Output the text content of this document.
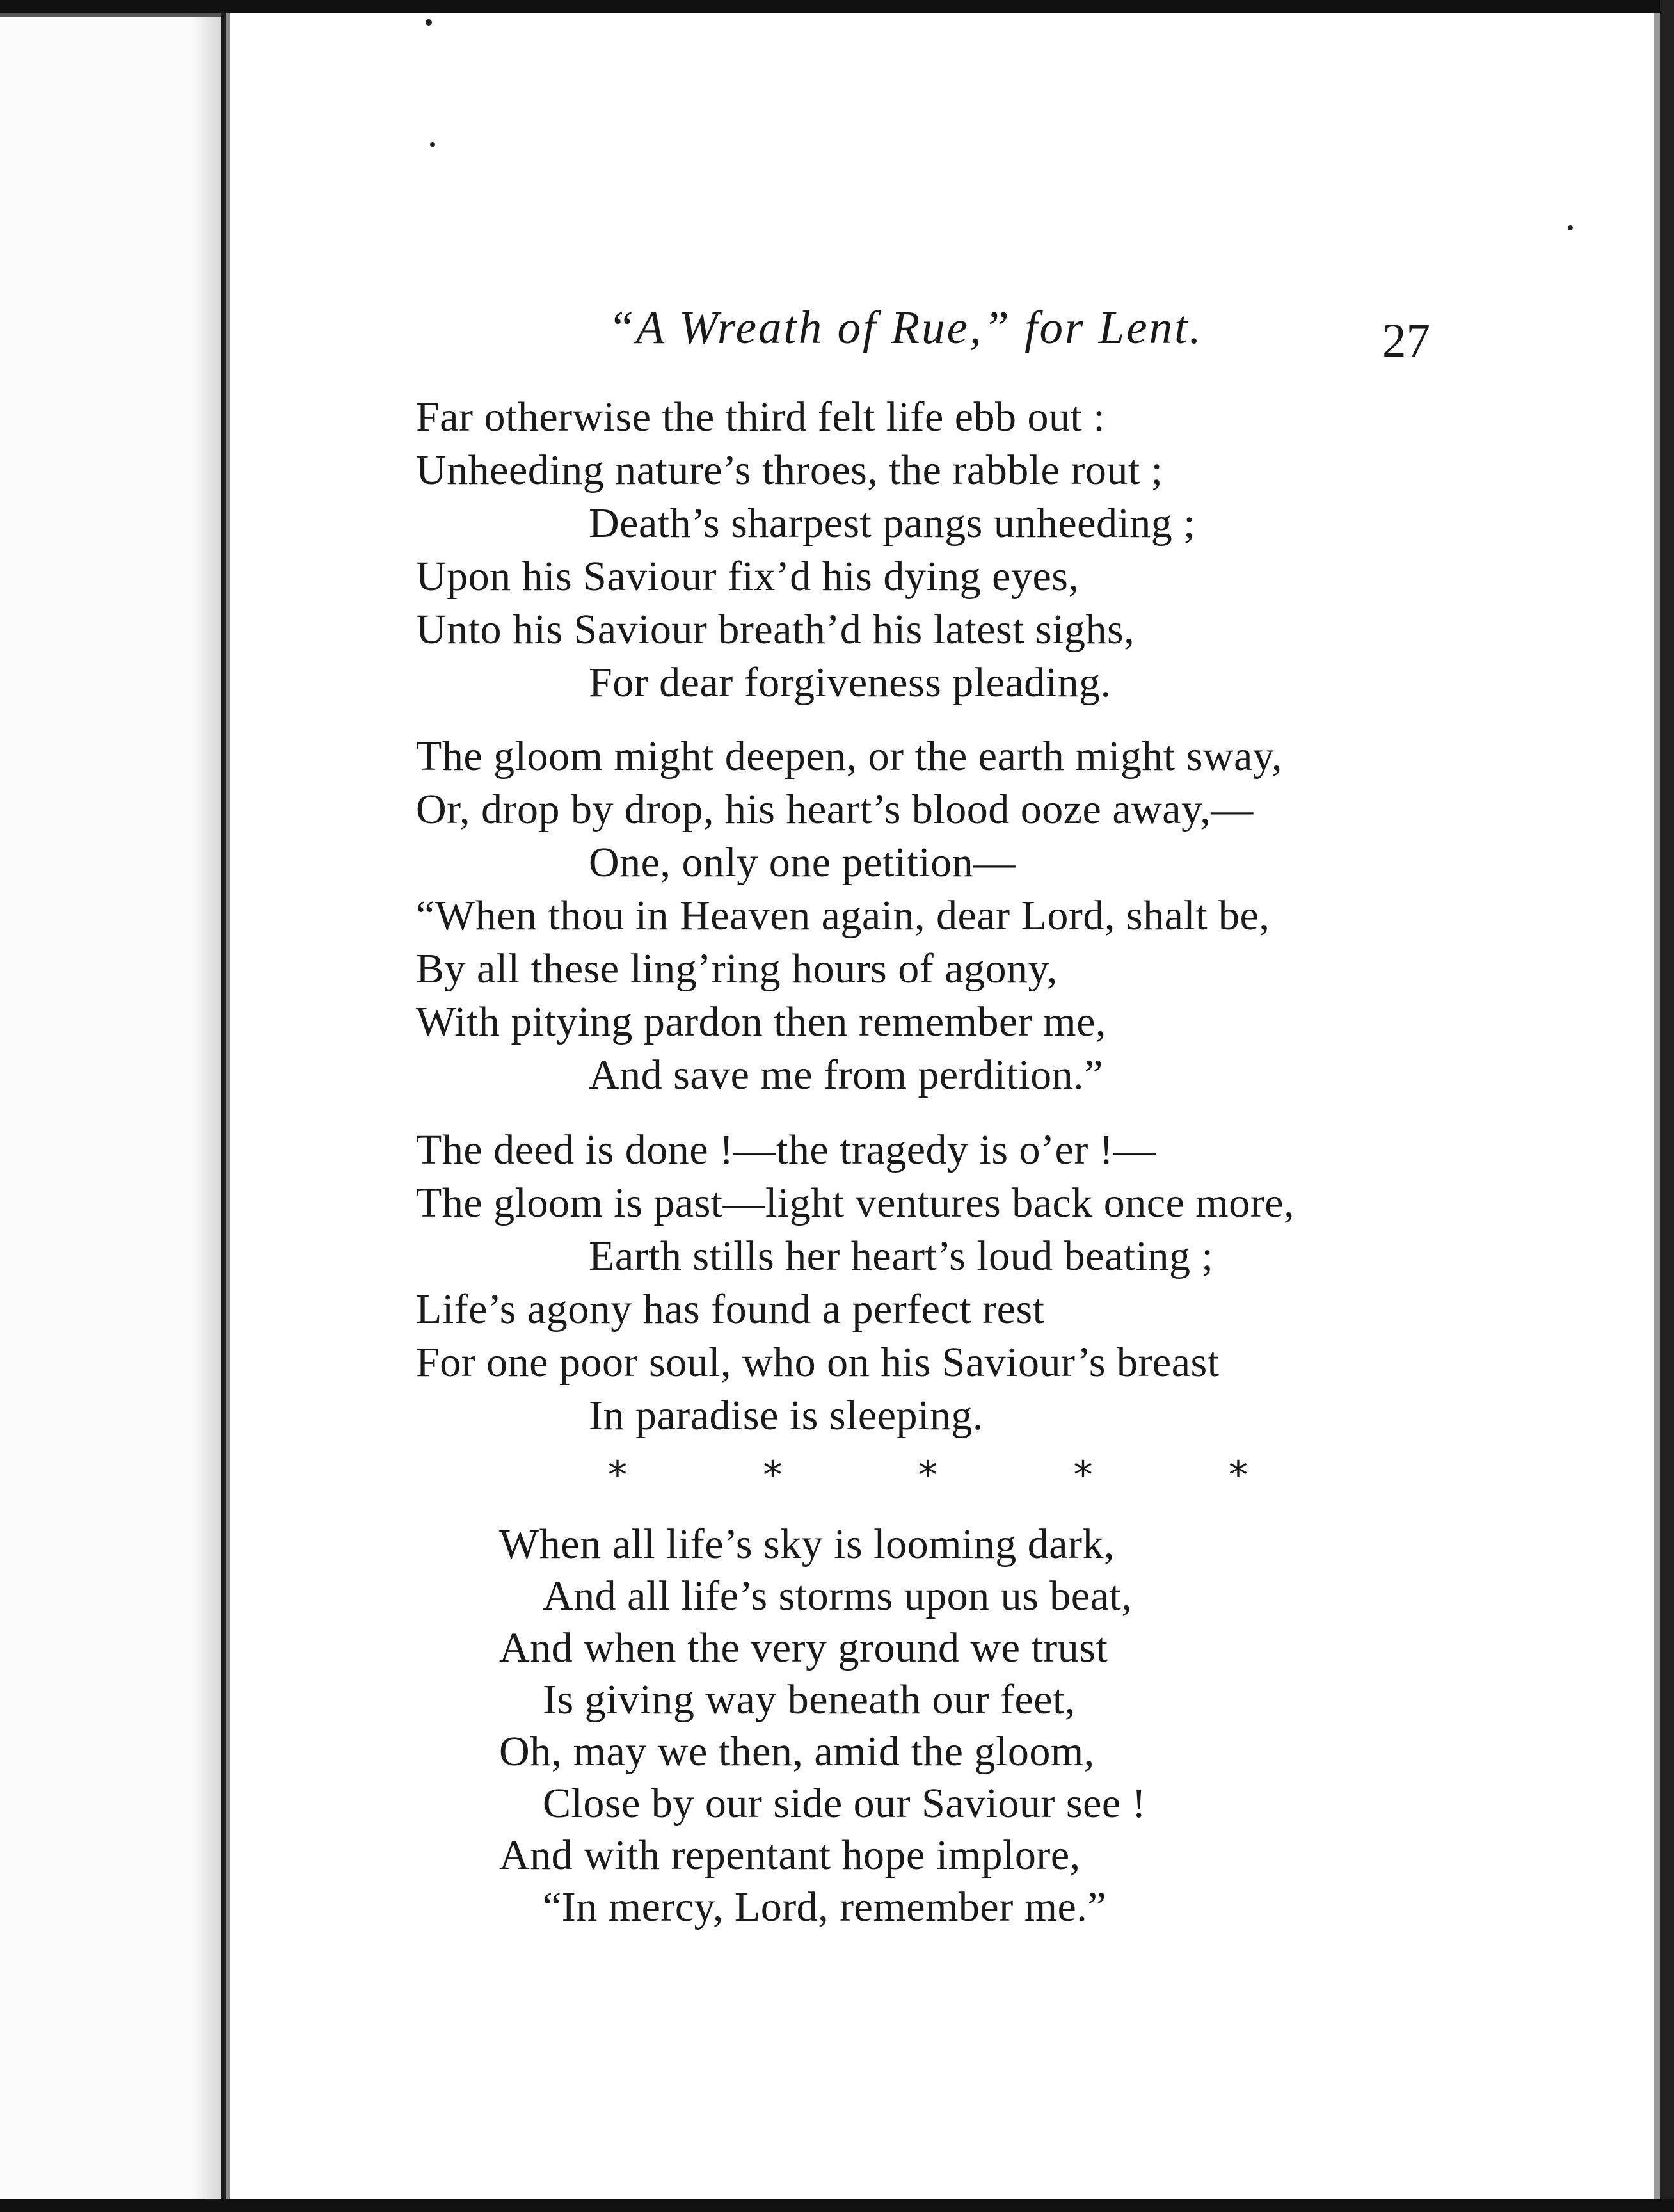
“A Wreath of Rue,” for Lent.	27
Far otherwise the third felt life ebb out :
Unheeding nature’s throes, the rabble rout ;
Death’s sharpest pangs unheeding ;
Upon his Saviour fix’d his dying eyes,
Unto his Saviour breath’d his latest sighs,
For dear forgiveness pleading.
The gloom might deepen, or the earth might sway,
Or, drop by drop, his heart’s blood ooze away,—
One, only one petition—
“When thou in Heaven again, dear Lord, shalt be,
By all these ling’ring hours of agony,
With pitying pardon then remember me,
And save me from perdition.”
The deed is done !—the tragedy is o’er !—
The gloom is past—light ventures back once more,
Earth stills her heart’s loud beating ;
Life’s agony has found a perfect rest
For one poor soul, who on his Saviour’s breast
In paradise is sleeping.
*	*	*	*	*
When all life’s sky is looming dark,
And all life’s storms upon us beat,
And when the very ground we trust
Is giving way beneath our feet,
Oh, may we then, amid the gloom,
Close by our side our Saviour see !
And with repentant hope implore,
“In mercy, Lord, remember me.”
